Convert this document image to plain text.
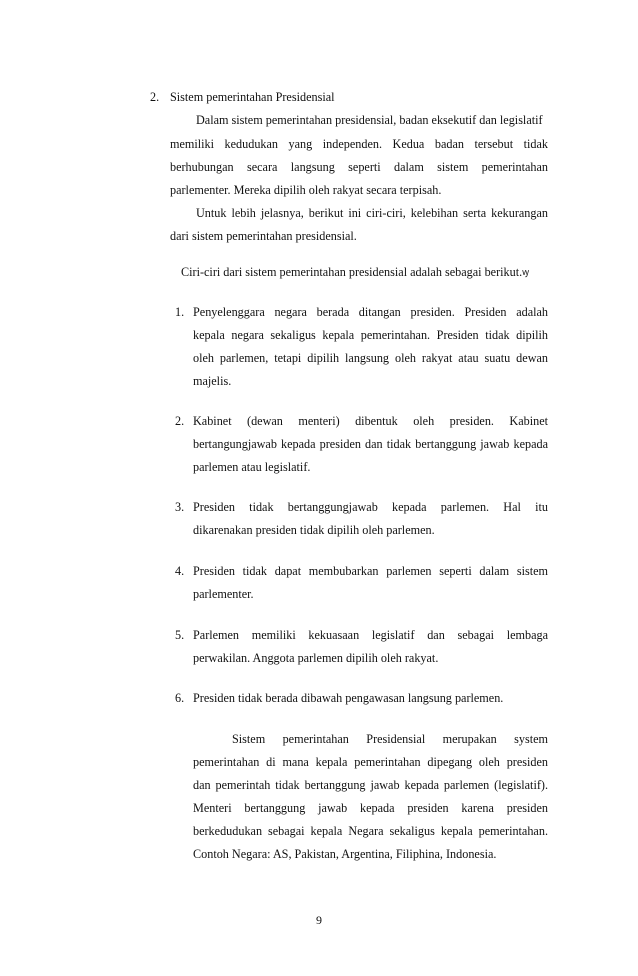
2. Sistem pemerintahan Presidensial
Dalam sistem pemerintahan presidensial, badan eksekutif dan legislatif
memiliki kedudukan yang independen. Kedua badan tersebut tidak
berhubungan secara langsung seperti dalam sistem pemerintahan
parlementer. Mereka dipilih oleh rakyat secara terpisah.
Untuk lebih jelasnya, berikut ini ciri-ciri, kelebihan serta kekurangan
dari sistem pemerintahan presidensial.
Ciri-ciri dari sistem pemerintahan presidensial adalah sebagai berikut.ꝡ
1. Penyelenggara negara berada ditangan presiden. Presiden adalah
kepala negara sekaligus kepala pemerintahan. Presiden tidak dipilih
oleh parlemen, tetapi dipilih langsung oleh rakyat atau suatu dewan
majelis.
2. Kabinet (dewan menteri) dibentuk oleh presiden. Kabinet
bertangungjawab kepada presiden dan tidak bertanggung jawab kepada
parlemen atau legislatif.
3. Presiden tidak bertanggungjawab kepada parlemen. Hal itu
dikarenakan presiden tidak dipilih oleh parlemen.
4. Presiden tidak dapat membubarkan parlemen seperti dalam sistem
parlementer.
5. Parlemen memiliki kekuasaan legislatif dan sebagai lembaga
perwakilan. Anggota parlemen dipilih oleh rakyat.
6. Presiden tidak berada dibawah pengawasan langsung parlemen.
Sistem pemerintahan Presidensial merupakan system
pemerintahan di mana kepala pemerintahan dipegang oleh presiden
dan pemerintah tidak bertanggung jawab kepada parlemen (legislatif).
Menteri bertanggung jawab kepada presiden karena presiden
berkedudukan sebagai kepala Negara sekaligus kepala pemerintahan.
Contoh Negara: AS, Pakistan, Argentina, Filiphina, Indonesia.
9
